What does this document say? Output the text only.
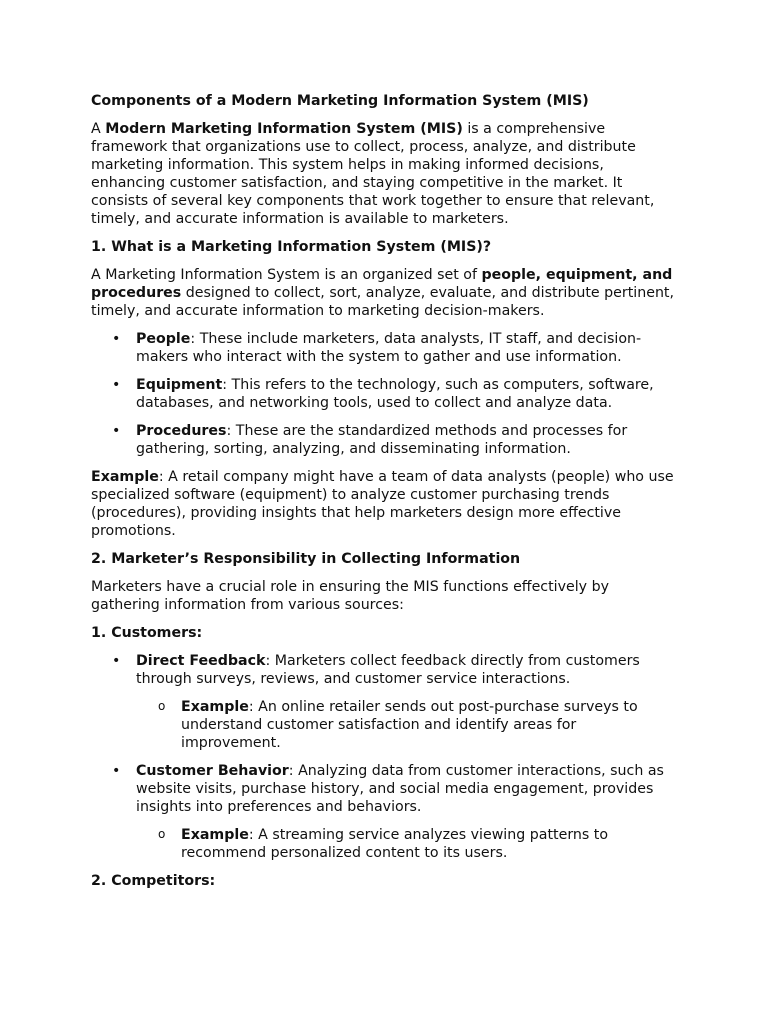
Components of a Modern Marketing Information System (MIS)

A Modern Marketing Information System (MIS) is a comprehensive framework that organizations use to collect, process, analyze, and distribute marketing information. This system helps in making informed decisions, enhancing customer satisfaction, and staying competitive in the market. It consists of several key components that work together to ensure that relevant, timely, and accurate information is available to marketers.

1. What is a Marketing Information System (MIS)?

A Marketing Information System is an organized set of people, equipment, and procedures designed to collect, sort, analyze, evaluate, and distribute pertinent, timely, and accurate information to marketing decision-makers.

• People: These include marketers, data analysts, IT staff, and decision-makers who interact with the system to gather and use information.
• Equipment: This refers to the technology, such as computers, software, databases, and networking tools, used to collect and analyze data.
• Procedures: These are the standardized methods and processes for gathering, sorting, analyzing, and disseminating information.

Example: A retail company might have a team of data analysts (people) who use specialized software (equipment) to analyze customer purchasing trends (procedures), providing insights that help marketers design more effective promotions.

2. Marketer’s Responsibility in Collecting Information

Marketers have a crucial role in ensuring the MIS functions effectively by gathering information from various sources:

1. Customers:
• Direct Feedback: Marketers collect feedback directly from customers through surveys, reviews, and customer service interactions.
o Example: An online retailer sends out post-purchase surveys to understand customer satisfaction and identify areas for improvement.
• Customer Behavior: Analyzing data from customer interactions, such as website visits, purchase history, and social media engagement, provides insights into preferences and behaviors.
o Example: A streaming service analyzes viewing patterns to recommend personalized content to its users.
2. Competitors:
